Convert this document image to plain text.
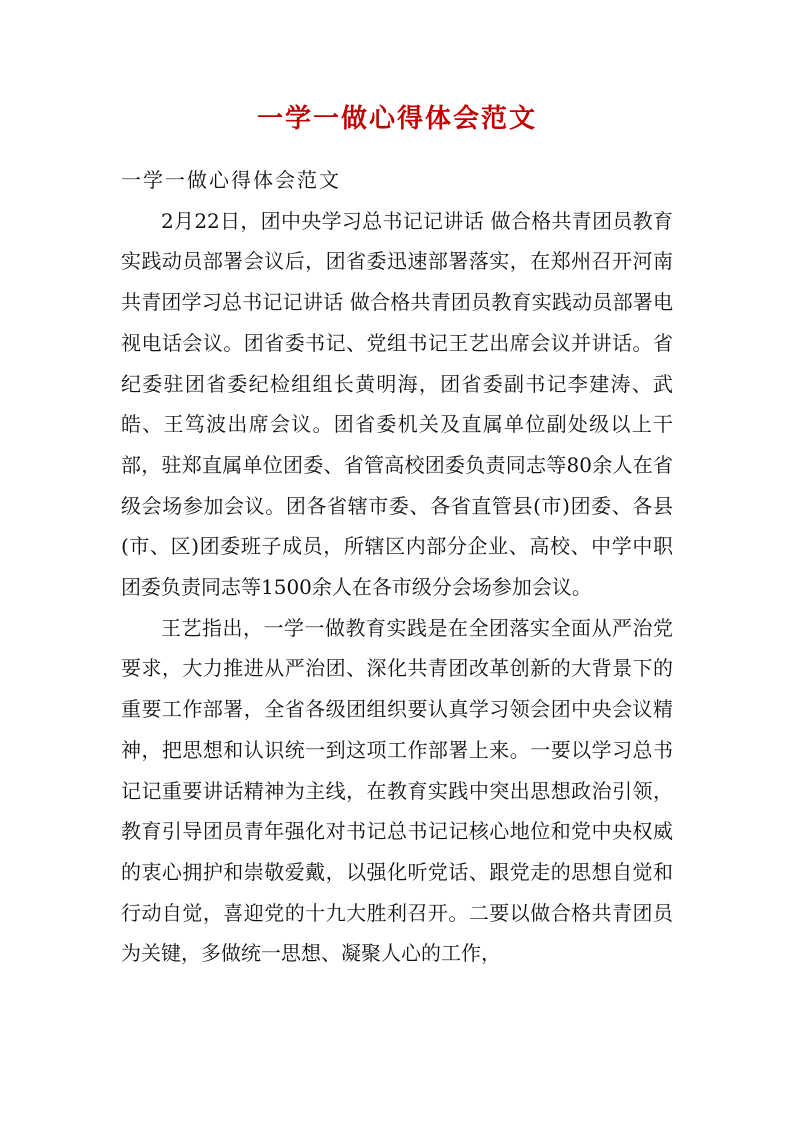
一学一做心得体会范文

一学一做心得体会范文

2月22日，团中央学习总书记记讲话 做合格共青团员教育实践动员部署会议后，团省委迅速部署落实，在郑州召开河南共青团学习总书记记讲话 做合格共青团员教育实践动员部署电视电话会议。团省委书记、党组书记王艺出席会议并讲话。省纪委驻团省委纪检组组长黄明海，团省委副书记李建涛、武皓、王笃波出席会议。团省委机关及直属单位副处级以上干部，驻郑直属单位团委、省管高校团委负责同志等80余人在省级会场参加会议。团各省辖市委、各省直管县(市)团委、各县(市、区)团委班子成员，所辖区内部分企业、高校、中学中职团委负责同志等1500余人在各市级分会场参加会议。

王艺指出，一学一做教育实践是在全团落实全面从严治党要求，大力推进从严治团、深化共青团改革创新的大背景下的重要工作部署，全省各级团组织要认真学习领会团中央会议精神，把思想和认识统一到这项工作部署上来。一要以学习总书记记重要讲话精神为主线，在教育实践中突出思想政治引领，教育引导团员青年强化对书记总书记记核心地位和党中央权威的衷心拥护和崇敬爱戴，以强化听党话、跟党走的思想自觉和行动自觉，喜迎党的十九大胜利召开。二要以做合格共青团员为关键，多做统一思想、凝聚人心的工作，
